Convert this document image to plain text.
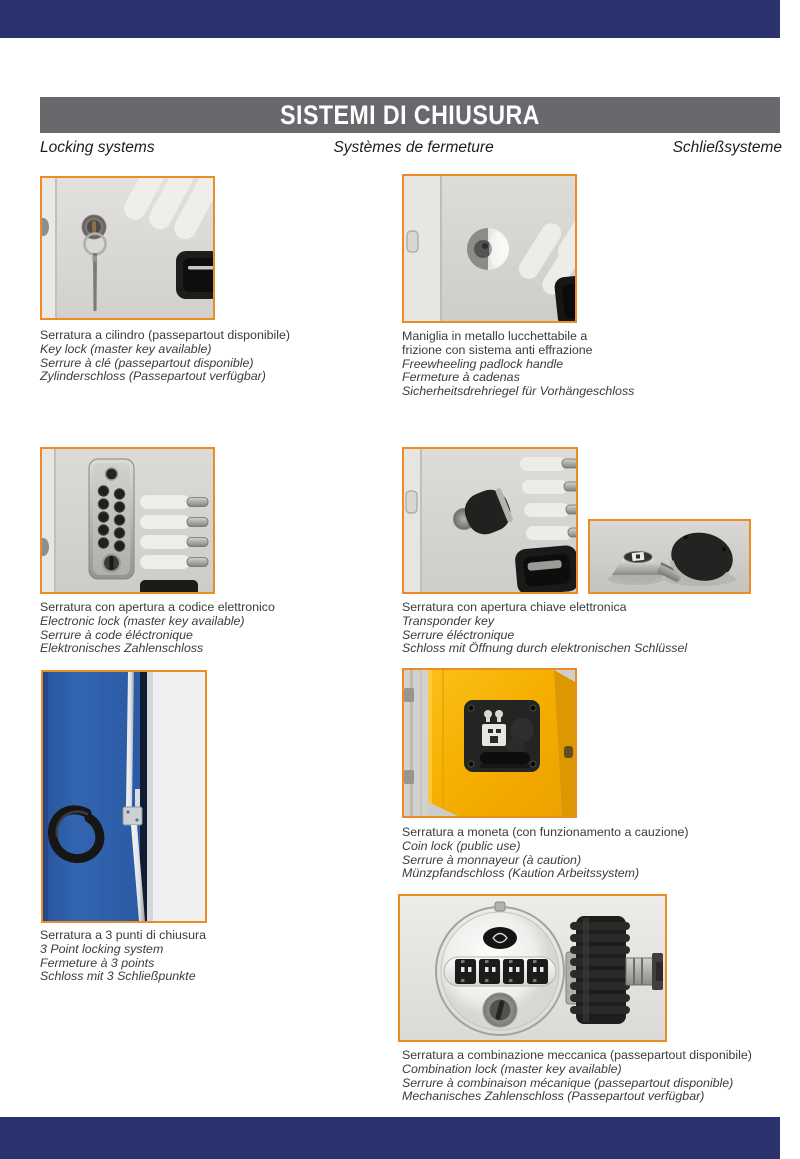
SISTEMI DI CHIUSURA
Locking systems	Systèmes de fermeture	Schließsysteme
Serratura a cilindro (passepartout disponibile)
Key lock (master key available)
Serrure à clé (passepartout disponible)
Zylinderschloss (Passepartout verfügbar)
Maniglia in metallo lucchettabile a
frizione con sistema anti effrazione
Freewheeling padlock handle
Fermeture à cadenas
Sicherheitsdrehriegel für Vorhängeschloss
Serratura con apertura a codice elettronico
Electronic lock (master key available)
Serrure à code éléctronique
Elektronisches Zahlenschloss
Serratura con apertura chiave elettronica
Transponder key
Serrure éléctronique
Schloss mit Öffnung durch elektronischen Schlüssel
Serratura a 3 punti di chiusura
3 Point locking system
Fermeture à 3 points
Schloss mit 3 Schließpunkte
Serratura a moneta (con funzionamento a cauzione)
Coin lock (public use)
Serrure à monnayeur (à caution)
Münzpfandschloss (Kaution Arbeitssystem)
Serratura a combinazione meccanica (passepartout disponibile)
Combination lock (master key available)
Serrure à combinaison mécanique (passepartout disponible)
Mechanisches Zahlenschloss (Passepartout verfügbar)
